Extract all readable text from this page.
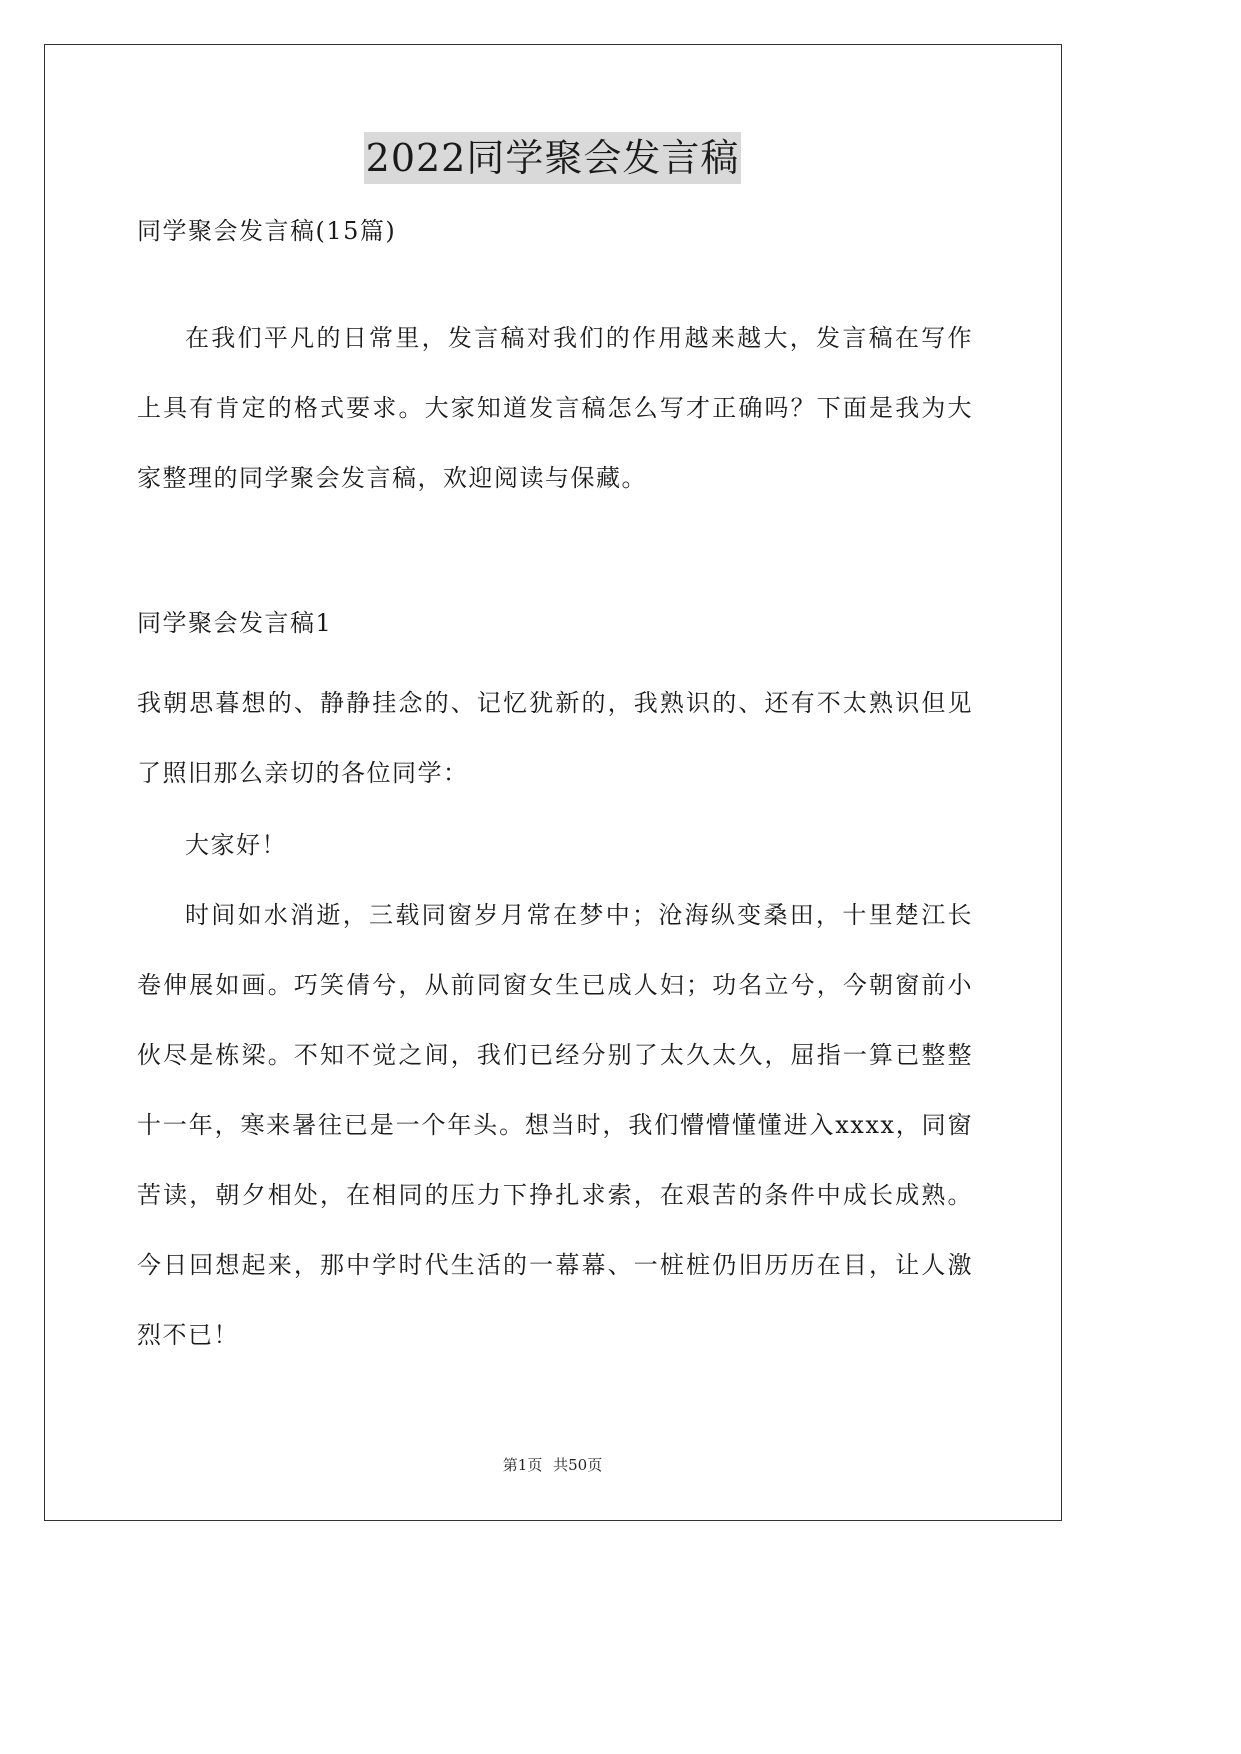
2022同学聚会发言稿
同学聚会发言稿(15篇)

在我们平凡的日常里，发言稿对我们的作用越来越大，发言稿在写作上具有肯定的格式要求。大家知道发言稿怎么写才正确吗？下面是我为大家整理的同学聚会发言稿，欢迎阅读与保藏。

同学聚会发言稿1

我朝思暮想的、静静挂念的、记忆犹新的，我熟识的、还有不太熟识但见了照旧那么亲切的各位同学：

大家好！

时间如水消逝，三载同窗岁月常在梦中；沧海纵变桑田，十里楚江长卷伸展如画。巧笑倩兮，从前同窗女生已成人妇；功名立兮，今朝窗前小伙尽是栋梁。不知不觉之间，我们已经分别了太久太久，屈指一算已整整十一年，寒来暑往已是一个年头。想当时，我们懵懵懂懂进入xxxx，同窗苦读，朝夕相处，在相同的压力下挣扎求索，在艰苦的条件中成长成熟。今日回想起来，那中学时代生活的一幕幕、一桩桩仍旧历历在目，让人激烈不已！

第1页 共50页
